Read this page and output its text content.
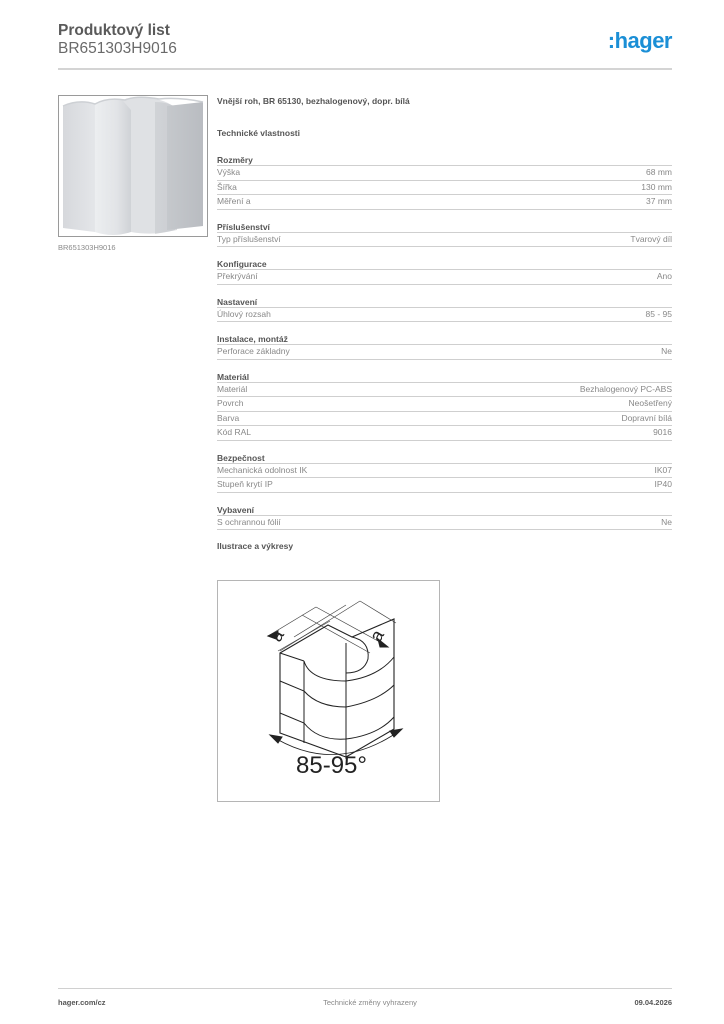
Produktový list
BR651303H9016	:hager
BR651303H9016
Vnější roh, BR 65130, bezhalogenový, dopr. bílá
Technické vlastnosti
Rozměry
Výška	68 mm
Šířka	130 mm
Měření a	37 mm
Příslušenství
Typ příslušenství	Tvarový díl
Konfigurace
Překrývání	Ano
Nastavení
Úhlový rozsah	85 - 95
Instalace, montáž
Perforace základny	Ne
Materiál
Materiál	Bezhalogenový PC-ABS
Povrch	Neošetřený
Barva	Dopravní bílá
Kód RAL	9016
Bezpečnost
Mechanická odolnost IK	IK07
Stupeň krytí IP	IP40
Vybavení
S ochrannou fólií	Ne
Ilustrace a výkresy
a	a
85-95°
hager.com/cz	Technické změny vyhrazeny	09.04.2026
